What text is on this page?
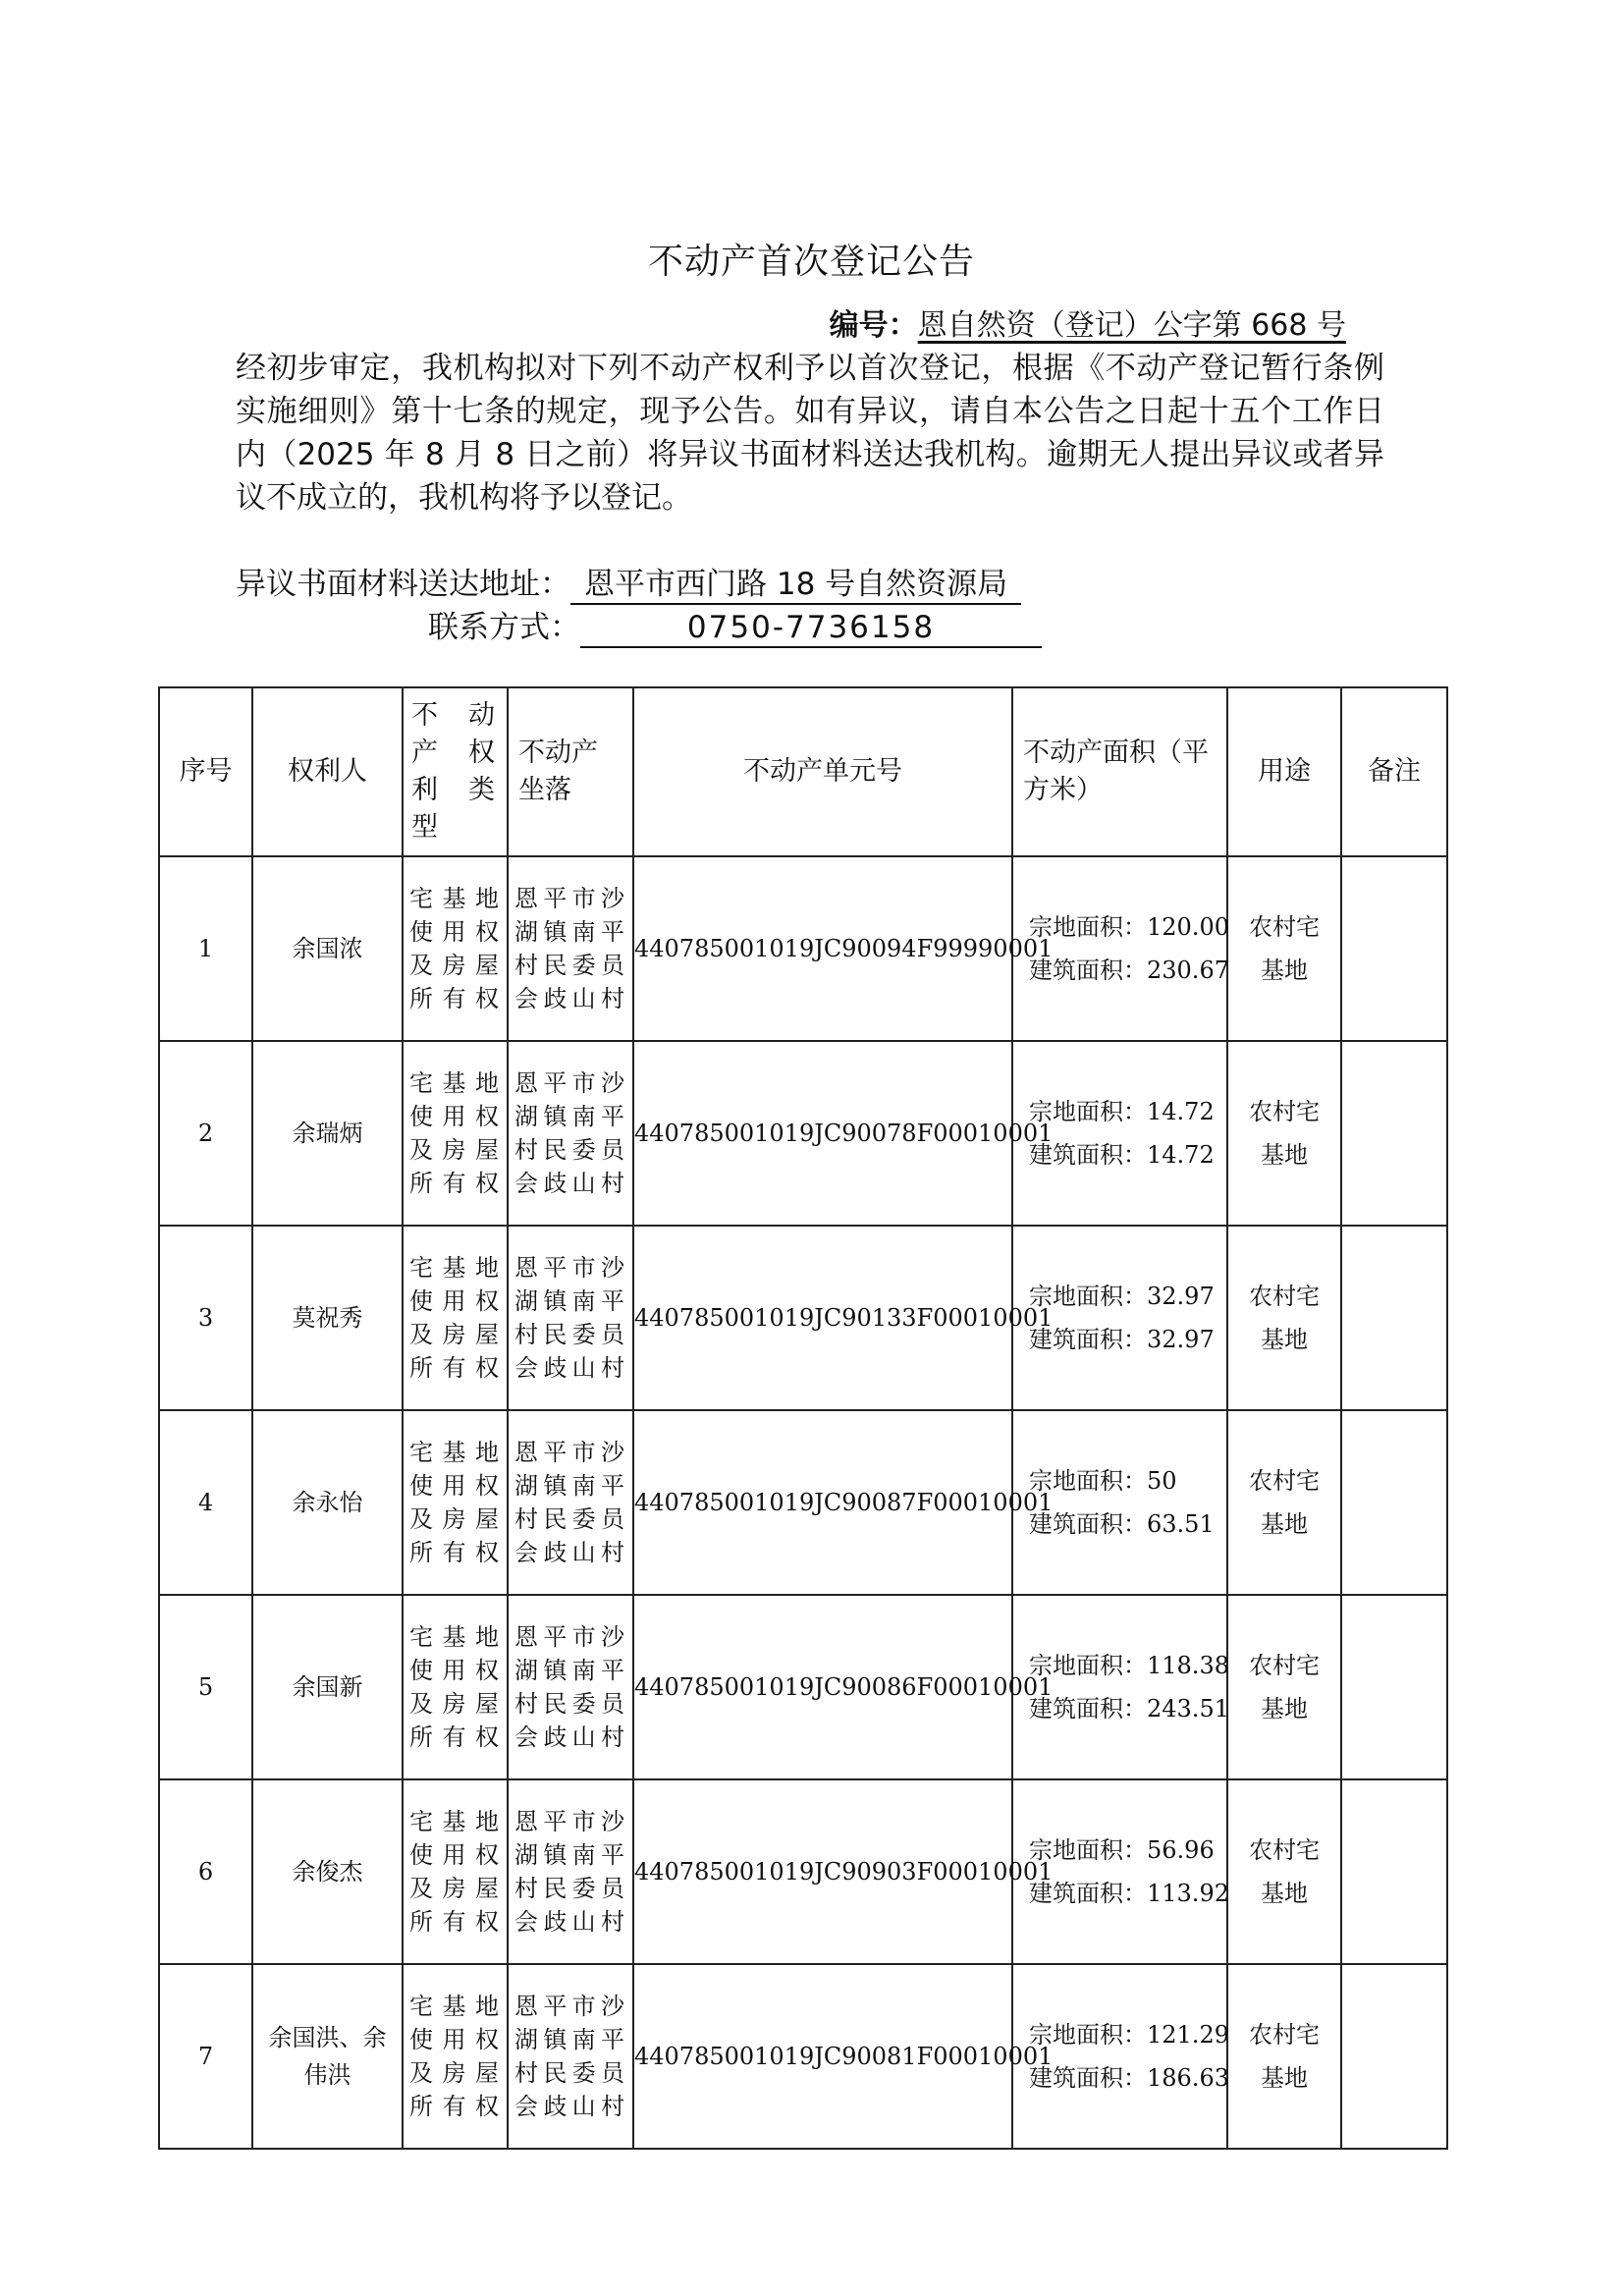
不动产首次登记公告
编号：恩自然资（登记）公字第 668 号
经初步审定，我机构拟对下列不动产权利予以首次登记，根据《不动产登记暂行条例实施细则》第十七条的规定，现予公告。如有异议，请自本公告之日起十五个工作日内（2025 年 8 月 8 日之前）将异议书面材料送达我机构。逾期无人提出异议或者异议不成立的，我机构将予以登记。
异议书面材料送达地址： 恩平市西门路 18 号自然资源局
联系方式：	0750-7736158
序号	权利人	不动产权利类型	不动产坐落	不动产单元号	不动产面积（平方米）	用途	备注
1	余国浓	宅基地使用权及房屋所有权	恩平市沙湖镇南平村民委员会歧山村	440785001019JC90094F99990001	宗地面积：120.00
建筑面积：230.67	农村宅基地	

2	余瑞炳	宅基地使用权及房屋所有权	恩平市沙湖镇南平村民委员会歧山村	440785001019JC90078F00010001	宗地面积：14.72
建筑面积：14.72	农村宅基地	

3	莫祝秀	宅基地使用权及房屋所有权	恩平市沙湖镇南平村民委员会歧山村	440785001019JC90133F00010001	宗地面积：32.97
建筑面积：32.97	农村宅基地	

4	余永怡	宅基地使用权及房屋所有权	恩平市沙湖镇南平村民委员会歧山村	440785001019JC90087F00010001	宗地面积：50
建筑面积：63.51	农村宅基地	

5	余国新	宅基地使用权及房屋所有权	恩平市沙湖镇南平村民委员会歧山村	440785001019JC90086F00010001	宗地面积：118.38
建筑面积：243.51	农村宅基地	

6	余俊杰	宅基地使用权及房屋所有权	恩平市沙湖镇南平村民委员会歧山村	440785001019JC90903F00010001	宗地面积：56.96
建筑面积：113.92	农村宅基地	

7	余国洪、余伟洪	宅基地使用权及房屋所有权	恩平市沙湖镇南平村民委员会歧山村	440785001019JC90081F00010001	宗地面积：121.29
建筑面积：186.63	农村宅基地	
